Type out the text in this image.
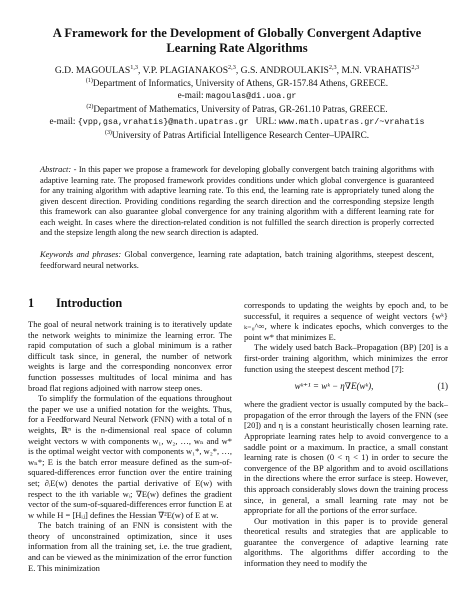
A Framework for the Development of Globally Convergent Adaptive
Learning Rate Algorithms
G.D. MAGOULAS$^{1,3}$, V.P. PLAGIANAKOS$^{2,3}$, G.S. ANDROULAKIS$^{2,3}$, M.N. VRAHATIS$^{2,3}$
$^{(1)}$Department of Informatics, University of Athens, GR-157.84 Athens, GREECE.
e-mail: magoulas@di.uoa.gr
$^{(2)}$Department of Mathematics, University of Patras, GR-261.10 Patras, GREECE.
e-mail: {vpp,gsa,vrahatis}@math.upatras.gr URL: www.math.upatras.gr/~vrahatis
$^{(3)}$University of Patras Artificial Intelligence Research Center–UPAIRC.
Abstract: - In this paper we propose a framework for developing globally convergent batch training algorithms with adaptive learning rate. The proposed framework provides conditions under which global convergence is guaranteed for any training algorithm with adaptive learning rate. To this end, the learning rate is appropriately tuned along the given descent direction. Providing conditions regarding the search direction and the corresponding stepsize length this framework can also guarantee global convergence for any training algorithm with a different learning rate for each weight. In cases where the direction-related condition is not fulfilled the search direction is properly corrected and the stepsize length along the new search direction is adapted.
Keywords and phrases: Global convergence, learning rate adaptation, batch training algorithms, steepest descent, feedforward neural networks.
1 Introduction

The goal of neural network training is to iteratively update the network weights to minimize the learning error. The rapid computation of such a global minimum is a rather difficult task since, in general, the number of network weights is large and the corresponding nonconvex error function possesses multitudes of local minima and has broad flat regions adjoined with narrow steep ones.

To simplify the formulation of the equations throughout the paper we use a unified notation for the weights. Thus, for a Feedforward Neural Network (FNN) with a total of n weights, ℝⁿ is the n-dimensional real space of column weight vectors w with components w₁, w₂, …, wₙ and w* is the optimal weight vector with components w₁*, w₂*, …, wₙ*; E is the batch error measure defined as the sum-of-squared-differences error function over the entire training set; ∂ᵢE(w) denotes the partial derivative of E(w) with respect to the ith variable wᵢ; ∇E(w) defines the gradient vector of the sum-of-squared-differences error function E at w while H = [Hᵢⱼ] defines the Hessian ∇²E(w) of E at w.

The batch training of an FNN is consistent with the theory of unconstrained optimization, since it uses information from all the training set, i.e. the true gradient, and can be viewed as the minimization of the error function E. This minimization

corresponds to updating the weights by epoch and, to be successful, it requires a sequence of weight vectors {wᵏ}ₖ₌₀^∞, where k indicates epochs, which converges to the point w* that minimizes E.

The widely used batch Back–Propagation (BP) [20] is a first-order training algorithm, which minimizes the error function using the steepest descent method [7]:

wᵏ⁺¹ = wᵏ − η∇E(wᵏ),	(1)

where the gradient vector is usually computed by the back–propagation of the error through the layers of the FNN (see [20]) and η is a constant heuristically chosen learning rate. Appropriate learning rates help to avoid convergence to a saddle point or a maximum. In practice, a small constant learning rate is chosen (0 < η < 1) in order to secure the convergence of the BP algorithm and to avoid oscillations in the directions where the error surface is steep. However, this approach considerably slows down the training process since, in general, a small learning rate may not be appropriate for all the portions of the error surface.

Our motivation in this paper is to provide general theoretical results and strategies that are applicable to guarantee the convergence of adaptive learning rate algorithms. The algorithms differ according to the information they need to modify the
